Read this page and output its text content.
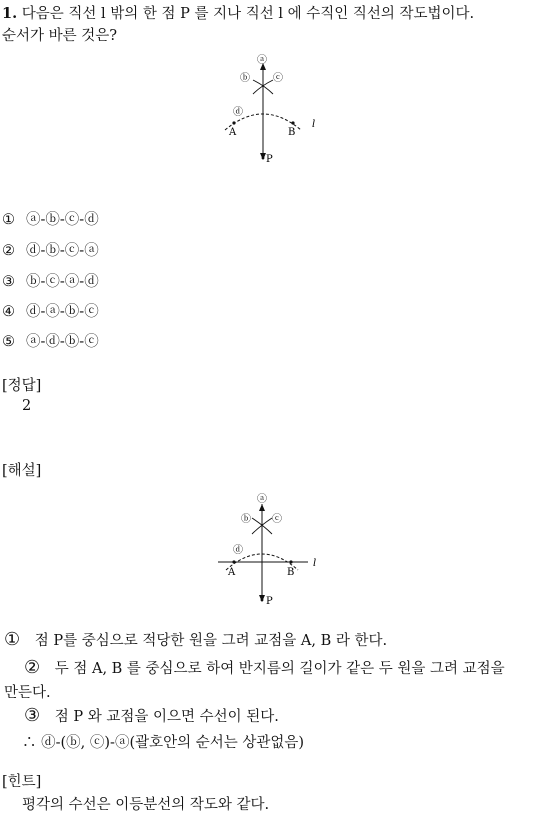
1. 다음은 직선 l 밖의 한 점 P 를 지나 직선 l 에 수직인 직선의 작도법이다.
순서가 바른 것은?
ⓐ
ⓑ ⓒ
ⓓ
A	B
l
P
① ⓐ-ⓑ-ⓒ-ⓓ
② ⓓ-ⓑ-ⓒ-ⓐ
③ ⓑ-ⓒ-ⓐ-ⓓ
④ ⓓ-ⓐ-ⓑ-ⓒ
⑤ ⓐ-ⓓ-ⓑ-ⓒ
[정답]
2
[해설]
ⓐ
ⓑ ⓒ
ⓓ
A	B
l
P
① 점 P를 중심으로 적당한 원을 그려 교점을 A, B 라 한다.
② 두 점 A, B 를 중심으로 하여 반지름의 길이가 같은 두 원을 그려 교점을
만든다.
③ 점 P 와 교점을 이으면 수선이 된다.
∴ ⓓ-(ⓑ, ⓒ)-ⓐ(괄호안의 순서는 상관없음)
[힌트]
평각의 수선은 이등분선의 작도와 같다.
